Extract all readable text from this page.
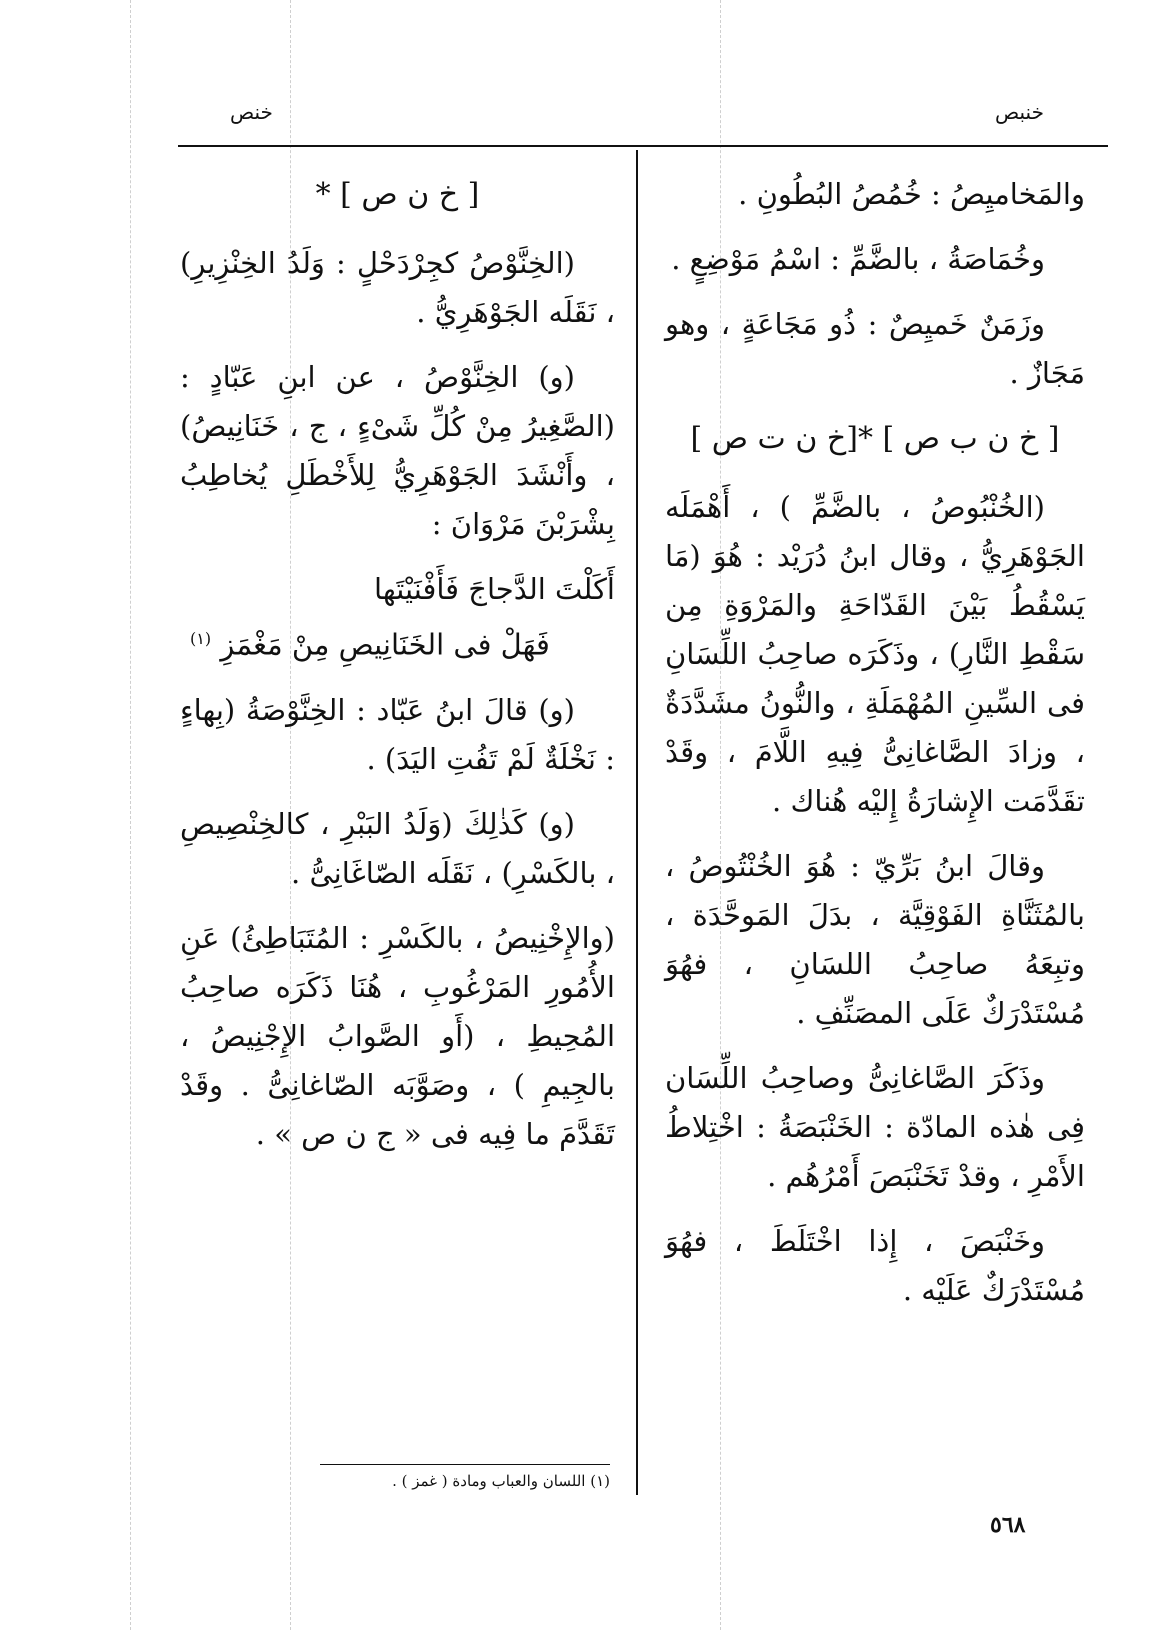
خنبص
خنص

والمَخاميِصُ : خُمُصُ البُطُونِ .

وخُمَاصَةُ ، بالضَّمِّ : اسْمُ مَوْضِعٍ .

وزَمَنٌ خَميِصٌ : ذُو مَجَاعَةٍ ، وهو مَجَازٌ .

[ خ ن ب ص ] *[خ ن ت ص ]

(الخُنْبُوصُ ، بالضَّمِّ ) ، أَهْمَلَه الجَوْهَرِيُّ ، وقال ابنُ دُرَيْد : هُوَ (مَا يَسْقُطُ بَيْنَ القَدّاحَةِ والمَرْوَةِ مِن سَقْطِ النَّارِ) ، وذَكَرَه صاحِبُ اللِّسَانِ فى السِّينِ المُهْمَلَةِ ، والنُّونُ مشَدَّدَةٌ ، وزادَ الصَّاغانِىُّ فِيهِ اللَّامَ ، وقَدْ تقَدَّمَت الإِشارَةُ إِليْه هُناك .

وقالَ ابنُ بَرِّيّ : هُوَ الخُنْتُوصُ ، بالمُثَنَّاةِ الفَوْقِيَّة ، بدَلَ المَوحَّدَة ، وتبِعَهُ صاحِبُ اللسَانِ ، فهُوَ مُسْتَدْرَكٌ عَلَى المصَنِّفِ .

وذَكَرَ الصَّاغانِىُّ وصاحِبُ اللِّسَان فِى هٰذه المادّة : الخَنْبَصَةُ : اخْتِلاطُ الأَمْرِ ، وقدْ تَخَنْبَصَ أَمْرُهُم .

وخَنْبَصَ ، إِذا اخْتَلَطَ ، فهُوَ مُسْتَدْرَكٌ عَلَيْه .

[ خ ن ص ] *

(الخِنَّوْصُ كجِرْدَحْلٍ : وَلَدُ الخِنْزِيرِ) ، نَقَلَه الجَوْهَرِيُّ .

(و) الخِنَّوْصُ ، عن ابنِ عَبّادٍ : (الصَّغِيرُ مِنْ كُلِّ شَىْءٍ ، ج ، خَنَانِيصُ) ، وأَنْشَدَ الجَوْهَرِيُّ لِلأَخْطَلِ يُخاطِبُ بِشْرَبْنَ مَرْوَانَ :

أَكَلْتَ الدَّجاجَ فَأَفْنَيْتَها
فَهَلْ فى الخَنَانِيصِ مِنْ مَغْمَزِ $^{(١)}$

(و) قالَ ابنُ عَبّاد : الخِنَّوْصَةُ (بِهاءٍ : نَخْلَةٌ لَمْ تَفُتِ اليَدَ) .

(و) كَذٰلِكَ (وَلَدُ البَبْرِ ، كالخِنْصِيصِ ، بالكَسْرِ) ، نَقَلَه الصّاغَانِىُّ .

(والإِخْنِيصُ ، بالكَسْرِ : المُتَبَاطِئُ) عَنِ الأُمُورِ المَرْغُوبِ ، هُنَا ذَكَرَه صاحِبُ المُحِيطِ ، (أَو الصَّوابُ الإِجْنِيصُ ، بالجِيمِ ) ، وصَوَّبَه الصّاغانِىُّ . وقَدْ تَقَدَّمَ ما فِيه فى « ج ن ص » .

(١) اللسان والعباب ومادة ( غمز ) .
٥٦٨
